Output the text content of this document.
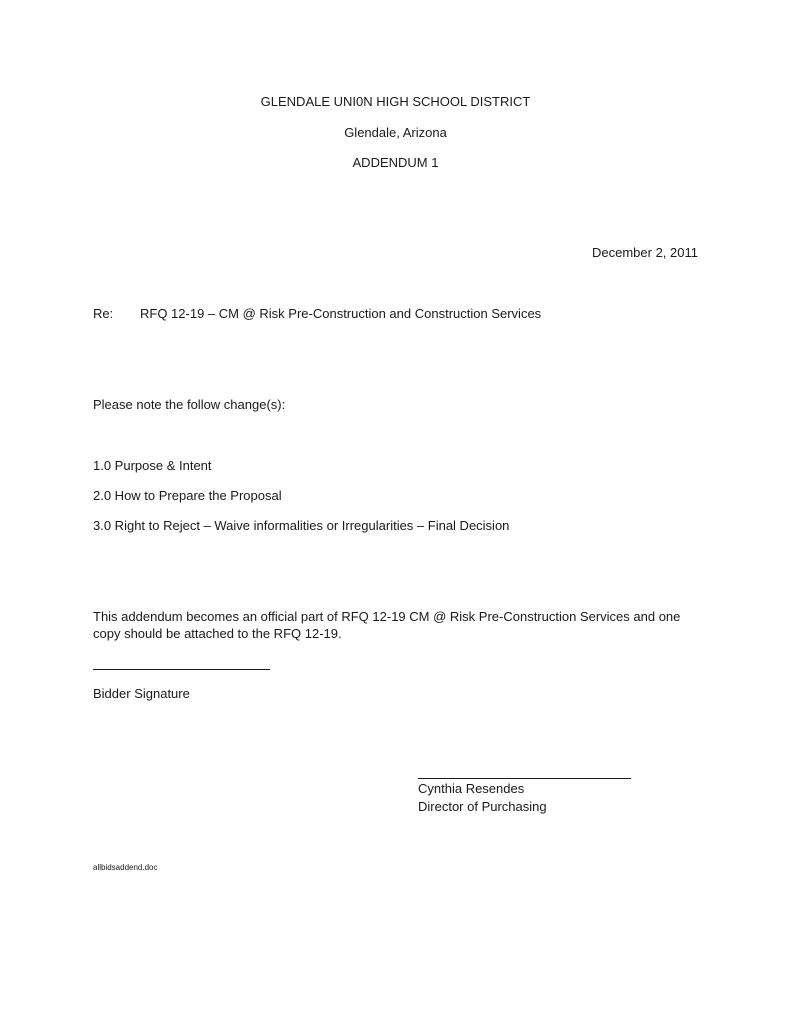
GLENDALE UNI0N HIGH SCHOOL DISTRICT
Glendale, Arizona
ADDENDUM 1
December 2, 2011
Re: RFQ 12-19 – CM @ Risk Pre-Construction and Construction Services
Please note the follow change(s):
1.0 Purpose & Intent
2.0 How to Prepare the Proposal
3.0 Right to Reject – Waive informalities or Irregularities – Final Decision
This addendum becomes an official part of RFQ 12-19 CM @ Risk Pre-Construction Services and one copy should be attached to the RFQ 12-19.
Bidder Signature
Cynthia Resendes
Director of Purchasing
allbidsaddend.doc
